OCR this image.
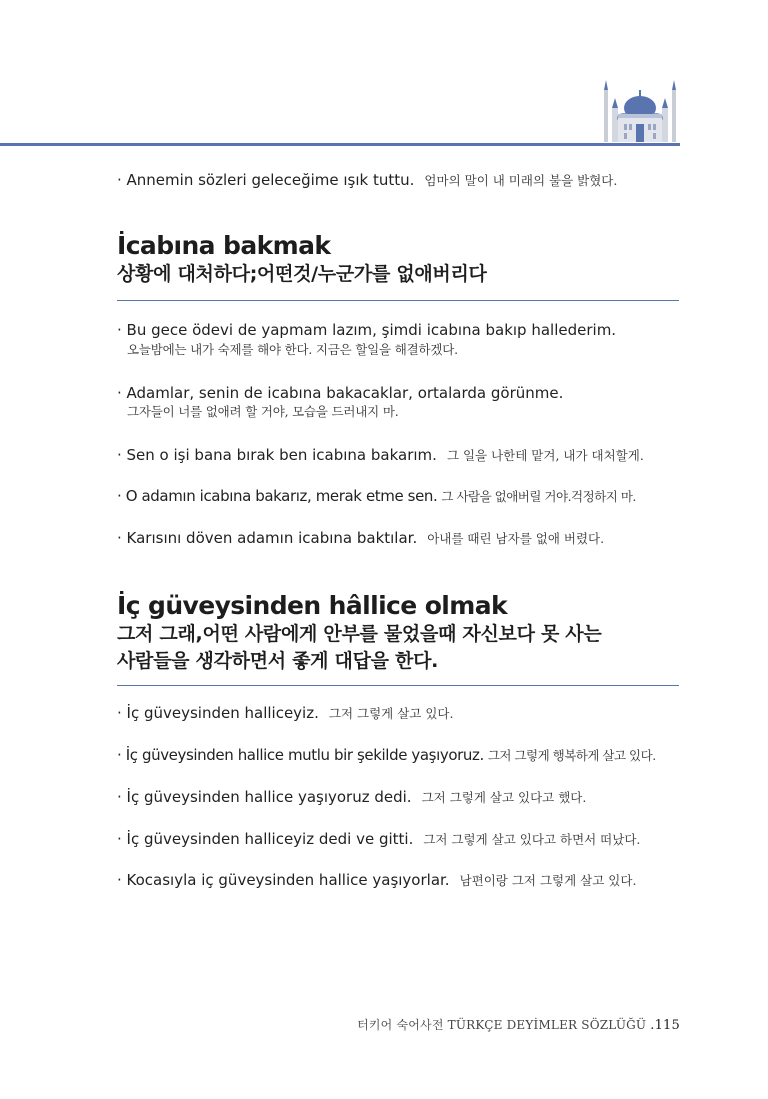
· Annemin sözleri geleceğime ışık tuttu. 엄마의 말이 내 미래의 불을 밝혔다.
İcabına bakmak
상황에 대처하다;어떤것/누군가를 없애버리다
· Bu gece ödevi de yapmam lazım, şimdi icabına bakıp hallederim.
오늘밤에는 내가 숙제를 해야 한다. 지금은 할일을 해결하겠다.
· Adamlar, senin de icabına bakacaklar, ortalarda görünme.
그자들이 너를 없애려 할 거야, 모습을 드러내지 마.
· Sen o işi bana bırak ben icabına bakarım. 그 일을 나한테 맡겨, 내가 대처할게.
· O adamın icabına bakarız, merak etme sen. 그 사람을 없애버릴 거야.걱정하지 마.
· Karısını döven adamın icabına baktılar. 아내를 때린 남자를 없애 버렸다.
İç güveysinden hâllice olmak
그저 그래,어떤 사람에게 안부를 물었을때 자신보다 못 사는
사람들을 생각하면서 좋게 대답을 한다.
· İç güveysinden halliceyiz. 그저 그렇게 살고 있다.
· İç güveysinden hallice mutlu bir şekilde yaşıyoruz. 그저 그렇게 행복하게 살고 있다.
· İç güveysinden hallice yaşıyoruz dedi. 그저 그렇게 살고 있다고 했다.
· İç güveysinden halliceyiz dedi ve gitti. 그저 그렇게 살고 있다고 하면서 떠났다.
· Kocasıyla iç güveysinden hallice yaşıyorlar. 남편이랑 그저 그렇게 살고 있다.
터키어 숙어사전 TÜRKÇE DEYİMLER SÖZLÜĞÜ .115
